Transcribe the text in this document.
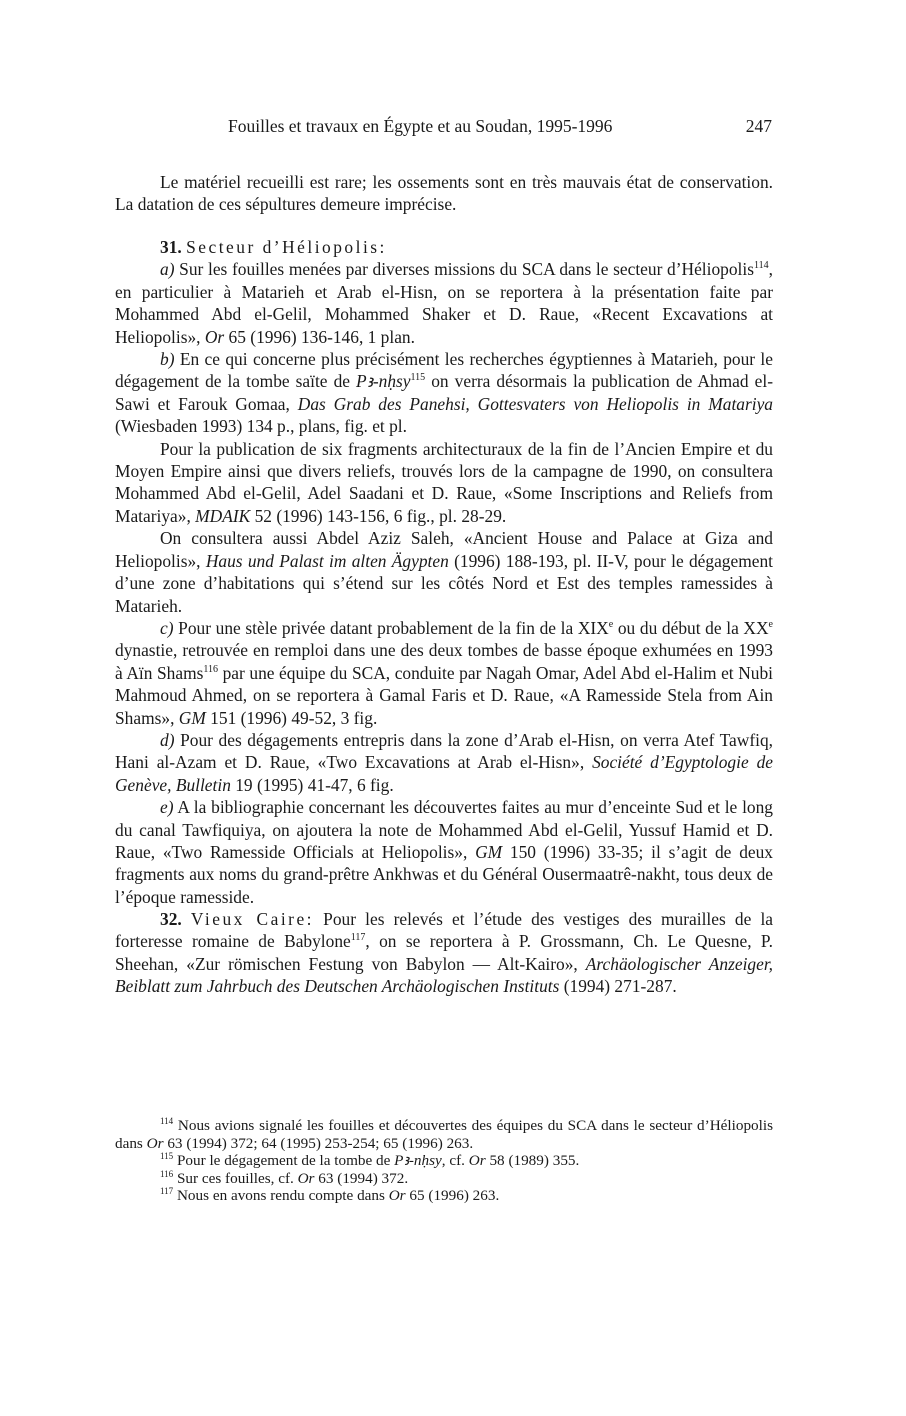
Fouilles et travaux en Égypte et au Soudan, 1995-1996	247

Le matériel recueilli est rare; les ossements sont en très mauvais état de conservation. La datation de ces sépultures demeure imprécise.

31. Secteur d’Héliopolis:

a) Sur les fouilles menées par diverses missions du SCA dans le secteur d’Héliopolis$^{114}$, en particulier à Matarieh et Arab el-Hisn, on se reportera à la présentation faite par Mohammed Abd el-Gelil, Mohammed Shaker et D. Raue, «Recent Excavations at Heliopolis», Or 65 (1996) 136-146, 1 plan.

b) En ce qui concerne plus précisément les recherches égyptiennes à Matarieh, pour le dégagement de la tombe saïte de Pꜣ-nḥsy$^{115}$ on verra désormais la publication de Ahmad el-Sawi et Farouk Gomaa, Das Grab des Panehsi, Gottesvaters von Heliopolis in Matariya (Wiesbaden 1993) 134 p., plans, fig. et pl.

Pour la publication de six fragments architecturaux de la fin de l’Ancien Empire et du Moyen Empire ainsi que divers reliefs, trouvés lors de la campagne de 1990, on consultera Mohammed Abd el-Gelil, Adel Saadani et D. Raue, «Some Inscriptions and Reliefs from Matariya», MDAIK 52 (1996) 143-156, 6 fig., pl. 28-29.

On consultera aussi Abdel Aziz Saleh, «Ancient House and Palace at Giza and Heliopolis», Haus und Palast im alten Ägypten (1996) 188-193, pl. II-V, pour le dégagement d’une zone d’habitations qui s’étend sur les côtés Nord et Est des temples ramessides à Matarieh.

c) Pour une stèle privée datant probablement de la fin de la XIXe ou du début de la XXe dynastie, retrouvée en remploi dans une des deux tombes de basse époque exhumées en 1993 à Aïn Shams$^{116}$ par une équipe du SCA, conduite par Nagah Omar, Adel Abd el-Halim et Nubi Mahmoud Ahmed, on se reportera à Gamal Faris et D. Raue, «A Ramesside Stela from Ain Shams», GM 151 (1996) 49-52, 3 fig.

d) Pour des dégagements entrepris dans la zone d’Arab el-Hisn, on verra Atef Tawfiq, Hani al-Azam et D. Raue, «Two Excavations at Arab el-Hisn», Société d’Egyptologie de Genève, Bulletin 19 (1995) 41-47, 6 fig.

e) A la bibliographie concernant les découvertes faites au mur d’enceinte Sud et le long du canal Tawfiquiya, on ajoutera la note de Mohammed Abd el-Gelil, Yussuf Hamid et D. Raue, «Two Ramesside Officials at Heliopolis», GM 150 (1996) 33-35; il s’agit de deux fragments aux noms du grand-prêtre Ankhwas et du Général Ousermaatrê-nakht, tous deux de l’époque ramesside.

32. Vieux Caire: Pour les relevés et l’étude des vestiges des murailles de la forteresse romaine de Babylone$^{117}$, on se reportera à P. Grossmann, Ch. Le Quesne, P. Sheehan, «Zur römischen Festung von Babylon — Alt-Kairo», Archäologischer Anzeiger, Beiblatt zum Jahrbuch des Deutschen Archäologischen Instituts (1994) 271-287.

$^{114}$ Nous avions signalé les fouilles et découvertes des équipes du SCA dans le secteur d’Héliopolis dans Or 63 (1994) 372; 64 (1995) 253-254; 65 (1996) 263.

$^{115}$ Pour le dégagement de la tombe de Pꜣ-nḥsy, cf. Or 58 (1989) 355.

$^{116}$ Sur ces fouilles, cf. Or 63 (1994) 372.

$^{117}$ Nous en avons rendu compte dans Or 65 (1996) 263.
